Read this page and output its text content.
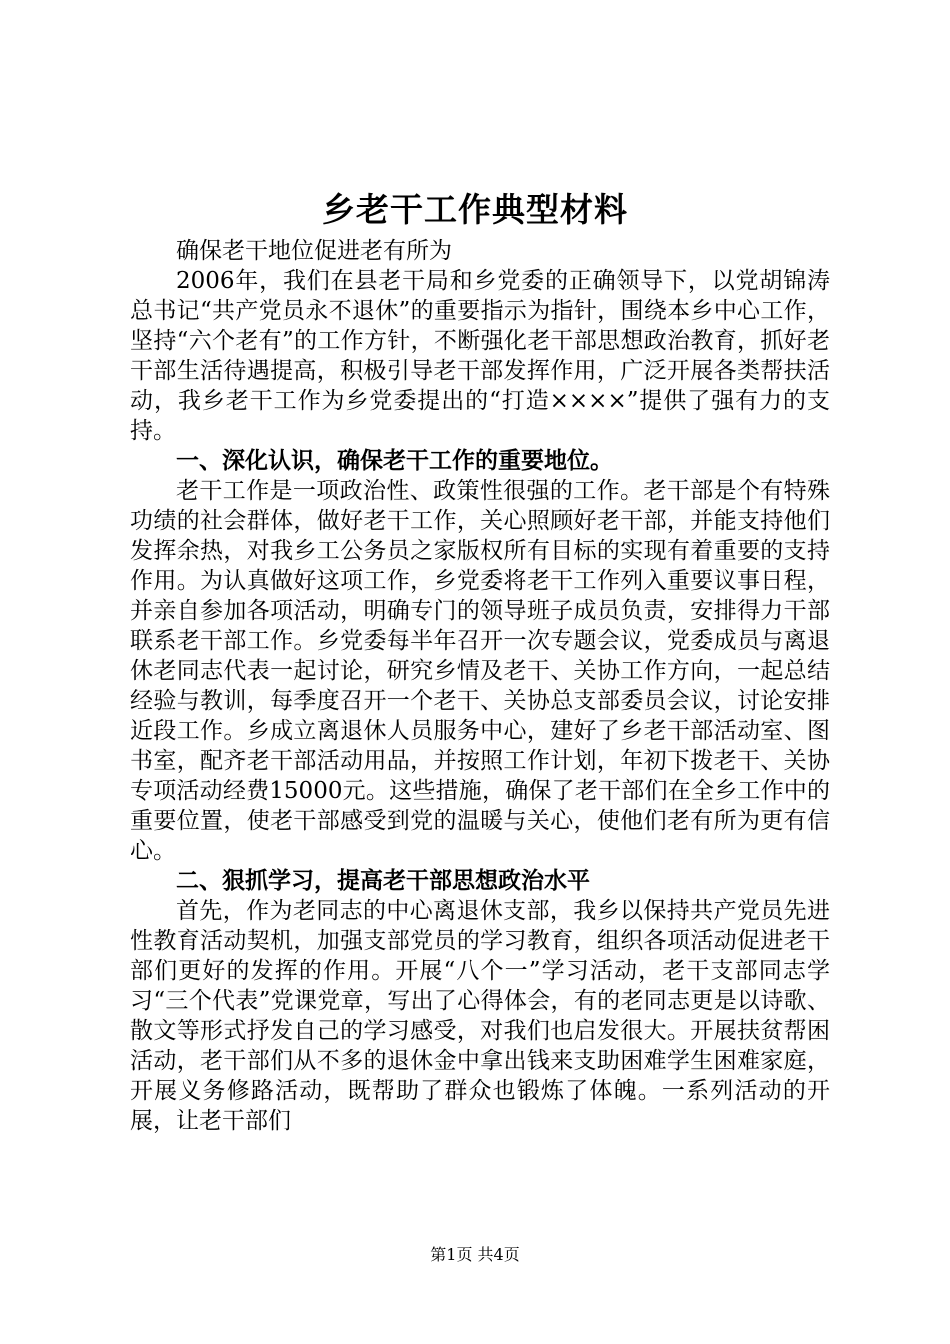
乡老干工作典型材料

确保老干地位促进老有所为

2006年，我们在县老干局和乡党委的正确领导下，以党胡锦涛总书记“共产党员永不退休”的重要指示为指针，围绕本乡中心工作，坚持“六个老有”的工作方针，不断强化老干部思想政治教育，抓好老干部生活待遇提高，积极引导老干部发挥作用，广泛开展各类帮扶活动，我乡老干工作为乡党委提出的“打造××××”提供了强有力的支持。

一、深化认识，确保老干工作的重要地位。

老干工作是一项政治性、政策性很强的工作。老干部是个有特殊功绩的社会群体，做好老干工作，关心照顾好老干部，并能支持他们发挥余热，对我乡工公务员之家版权所有目标的实现有着重要的支持作用。为认真做好这项工作，乡党委将老干工作列入重要议事日程，并亲自参加各项活动，明确专门的领导班子成员负责，安排得力干部联系老干部工作。乡党委每半年召开一次专题会议，党委成员与离退休老同志代表一起讨论，研究乡情及老干、关协工作方向，一起总结经验与教训，每季度召开一个老干、关协总支部委员会议，讨论安排近段工作。乡成立离退休人员服务中心，建好了乡老干部活动室、图书室，配齐老干部活动用品，并按照工作计划，年初下拨老干、关协专项活动经费15000元。这些措施，确保了老干部们在全乡工作中的重要位置，使老干部感受到党的温暖与关心，使他们老有所为更有信心。

二、狠抓学习，提高老干部思想政治水平

首先，作为老同志的中心离退休支部，我乡以保持共产党员先进性教育活动契机，加强支部党员的学习教育，组织各项活动促进老干部们更好的发挥的作用。开展“八个一”学习活动，老干支部同志学习“三个代表”党课党章，写出了心得体会，有的老同志更是以诗歌、散文等形式抒发自己的学习感受，对我们也启发很大。开展扶贫帮困活动，老干部们从不多的退休金中拿出钱来支助困难学生困难家庭，开展义务修路活动，既帮助了群众也锻炼了体魄。一系列活动的开展，让老干部们

第1页 共4页
